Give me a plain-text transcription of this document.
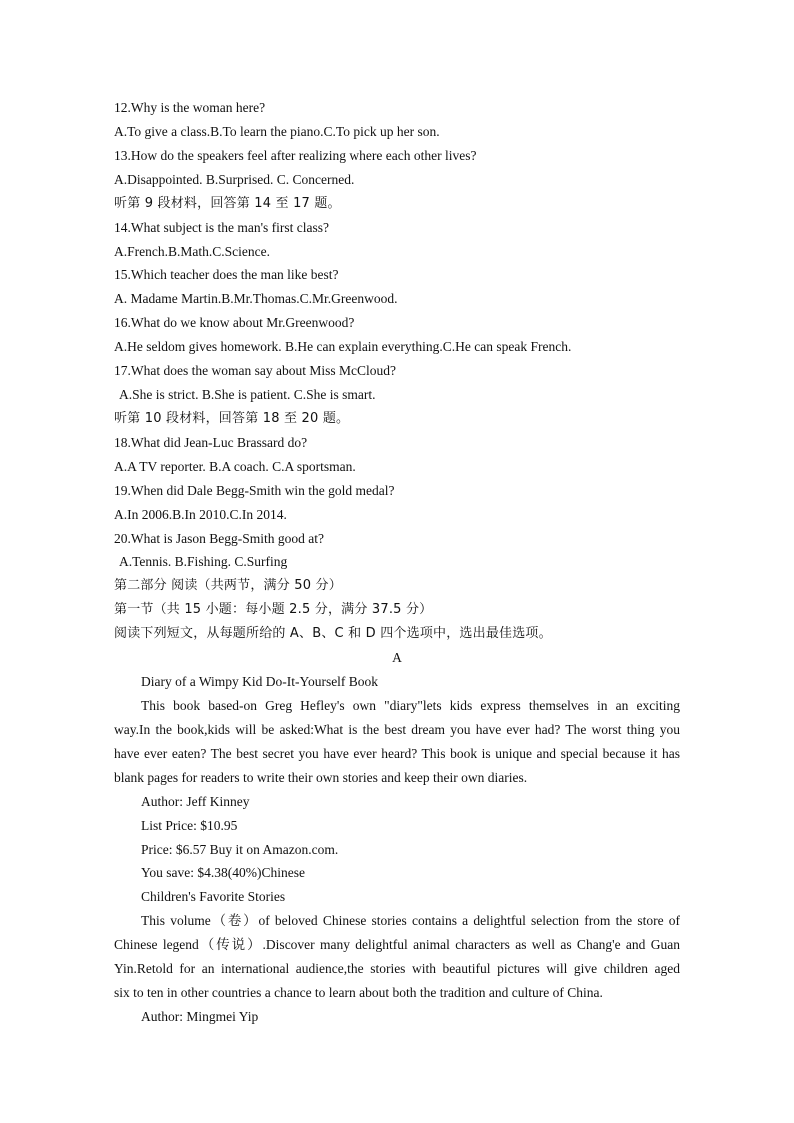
12.Why is the woman here?
A.To give a class.B.To learn the piano.C.To pick up her son.
13.How do the speakers feel after realizing where each other lives?
A.Disappointed. B.Surprised. C. Concerned.
听第 9 段材料，回答第 14 至 17 题。
14.What subject is the man's first class?
A.French.B.Math.C.Science.
15.Which teacher does the man like best?
A. Madame Martin.B.Mr.Thomas.C.Mr.Greenwood.
16.What do we know about Mr.Greenwood?
A.He seldom gives homework. B.He can explain everything.C.He can speak French.
17.What does the woman say about Miss McCloud?
A.She is strict. B.She is patient. C.She is smart.
听第 10 段材料，回答第 18 至 20 题。
18.What did Jean-Luc Brassard do?
A.A TV reporter. B.A coach. C.A sportsman.
19.When did Dale Begg-Smith win the gold medal?
A.In 2006.B.In 2010.C.In 2014.
20.What is Jason Begg-Smith good at?
A.Tennis. B.Fishing. C.Surfing
第二部分 阅读（共两节，满分 50 分）
第一节（共 15 小题：每小题 2.5 分，满分 37.5 分）
阅读下列短文，从每题所给的 A、B、C 和 D 四个选项中，选出最佳选项。
A
Diary of a Wimpy Kid Do-It-Yourself Book
This book based-on Greg Hefley's own "diary"lets kids express themselves in an exciting
way.In the book,kids will be asked:What is the best dream you have ever had? The worst thing you
have ever eaten? The best secret you have ever heard? This book is unique and special because it has
blank pages for readers to write their own stories and keep their own diaries.
Author: Jeff Kinney
List Price: $10.95
Price: $6.57 Buy it on Amazon.com.
You save: $4.38(40%)Chinese
Children's Favorite Stories
This volume（卷）of beloved Chinese stories contains a delightful selection from the store of
Chinese legend（传说）.Discover many delightful animal characters as well as Chang'e and Guan
Yin.Retold for an international audience,the stories with beautiful pictures will give children aged
six to ten in other countries a chance to learn about both the tradition and culture of China.
Author: Mingmei Yip
